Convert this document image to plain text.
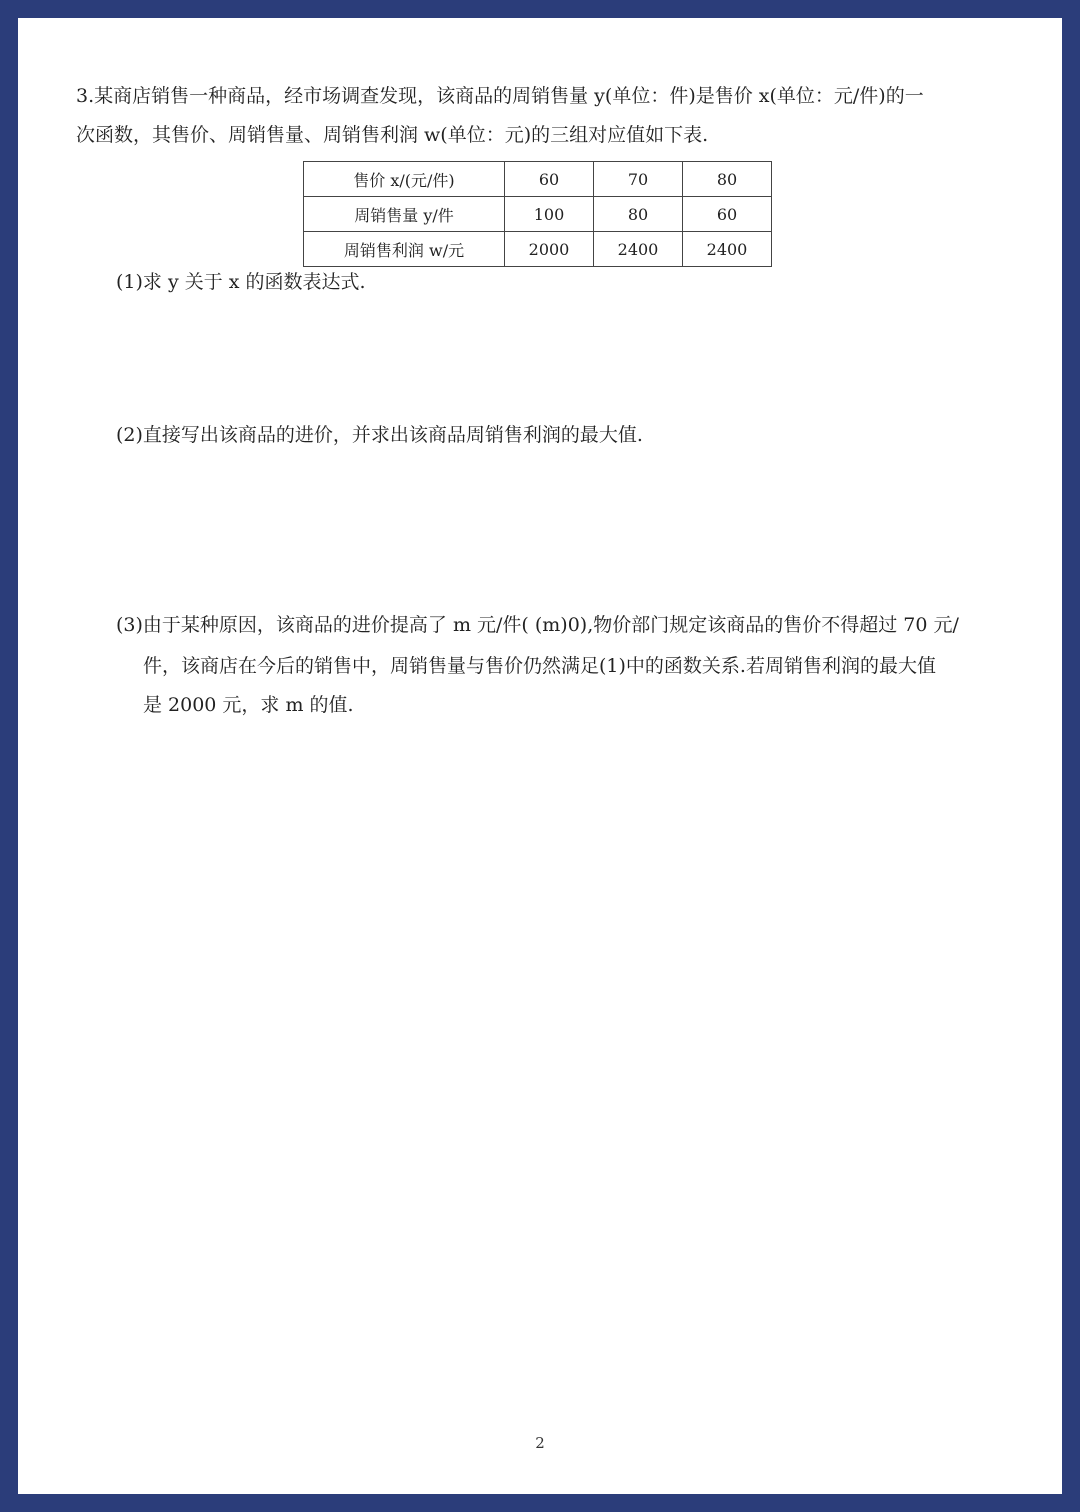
3.某商店销售一种商品，经市场调查发现，该商品的周销售量 y(单位：件)是售价 x(单位：元/件)的一
次函数，其售价、周销售量、周销售利润 w(单位：元)的三组对应值如下表.
售价 x/(元/件)	60	70	80
周销售量 y/件	100	80	60
周销售利润 w/元	2000	2400	2400
(1)求 y 关于 x 的函数表达式.
(2)直接写出该商品的进价，并求出该商品周销售利润的最大值.
(3)由于某种原因，该商品的进价提高了 m 元/件( (m)0),物价部门规定该商品的售价不得超过 70 元/
件，该商店在今后的销售中，周销售量与售价仍然满足(1)中的函数关系.若周销售利润的最大值
是 2000 元，求 m 的值.
2
